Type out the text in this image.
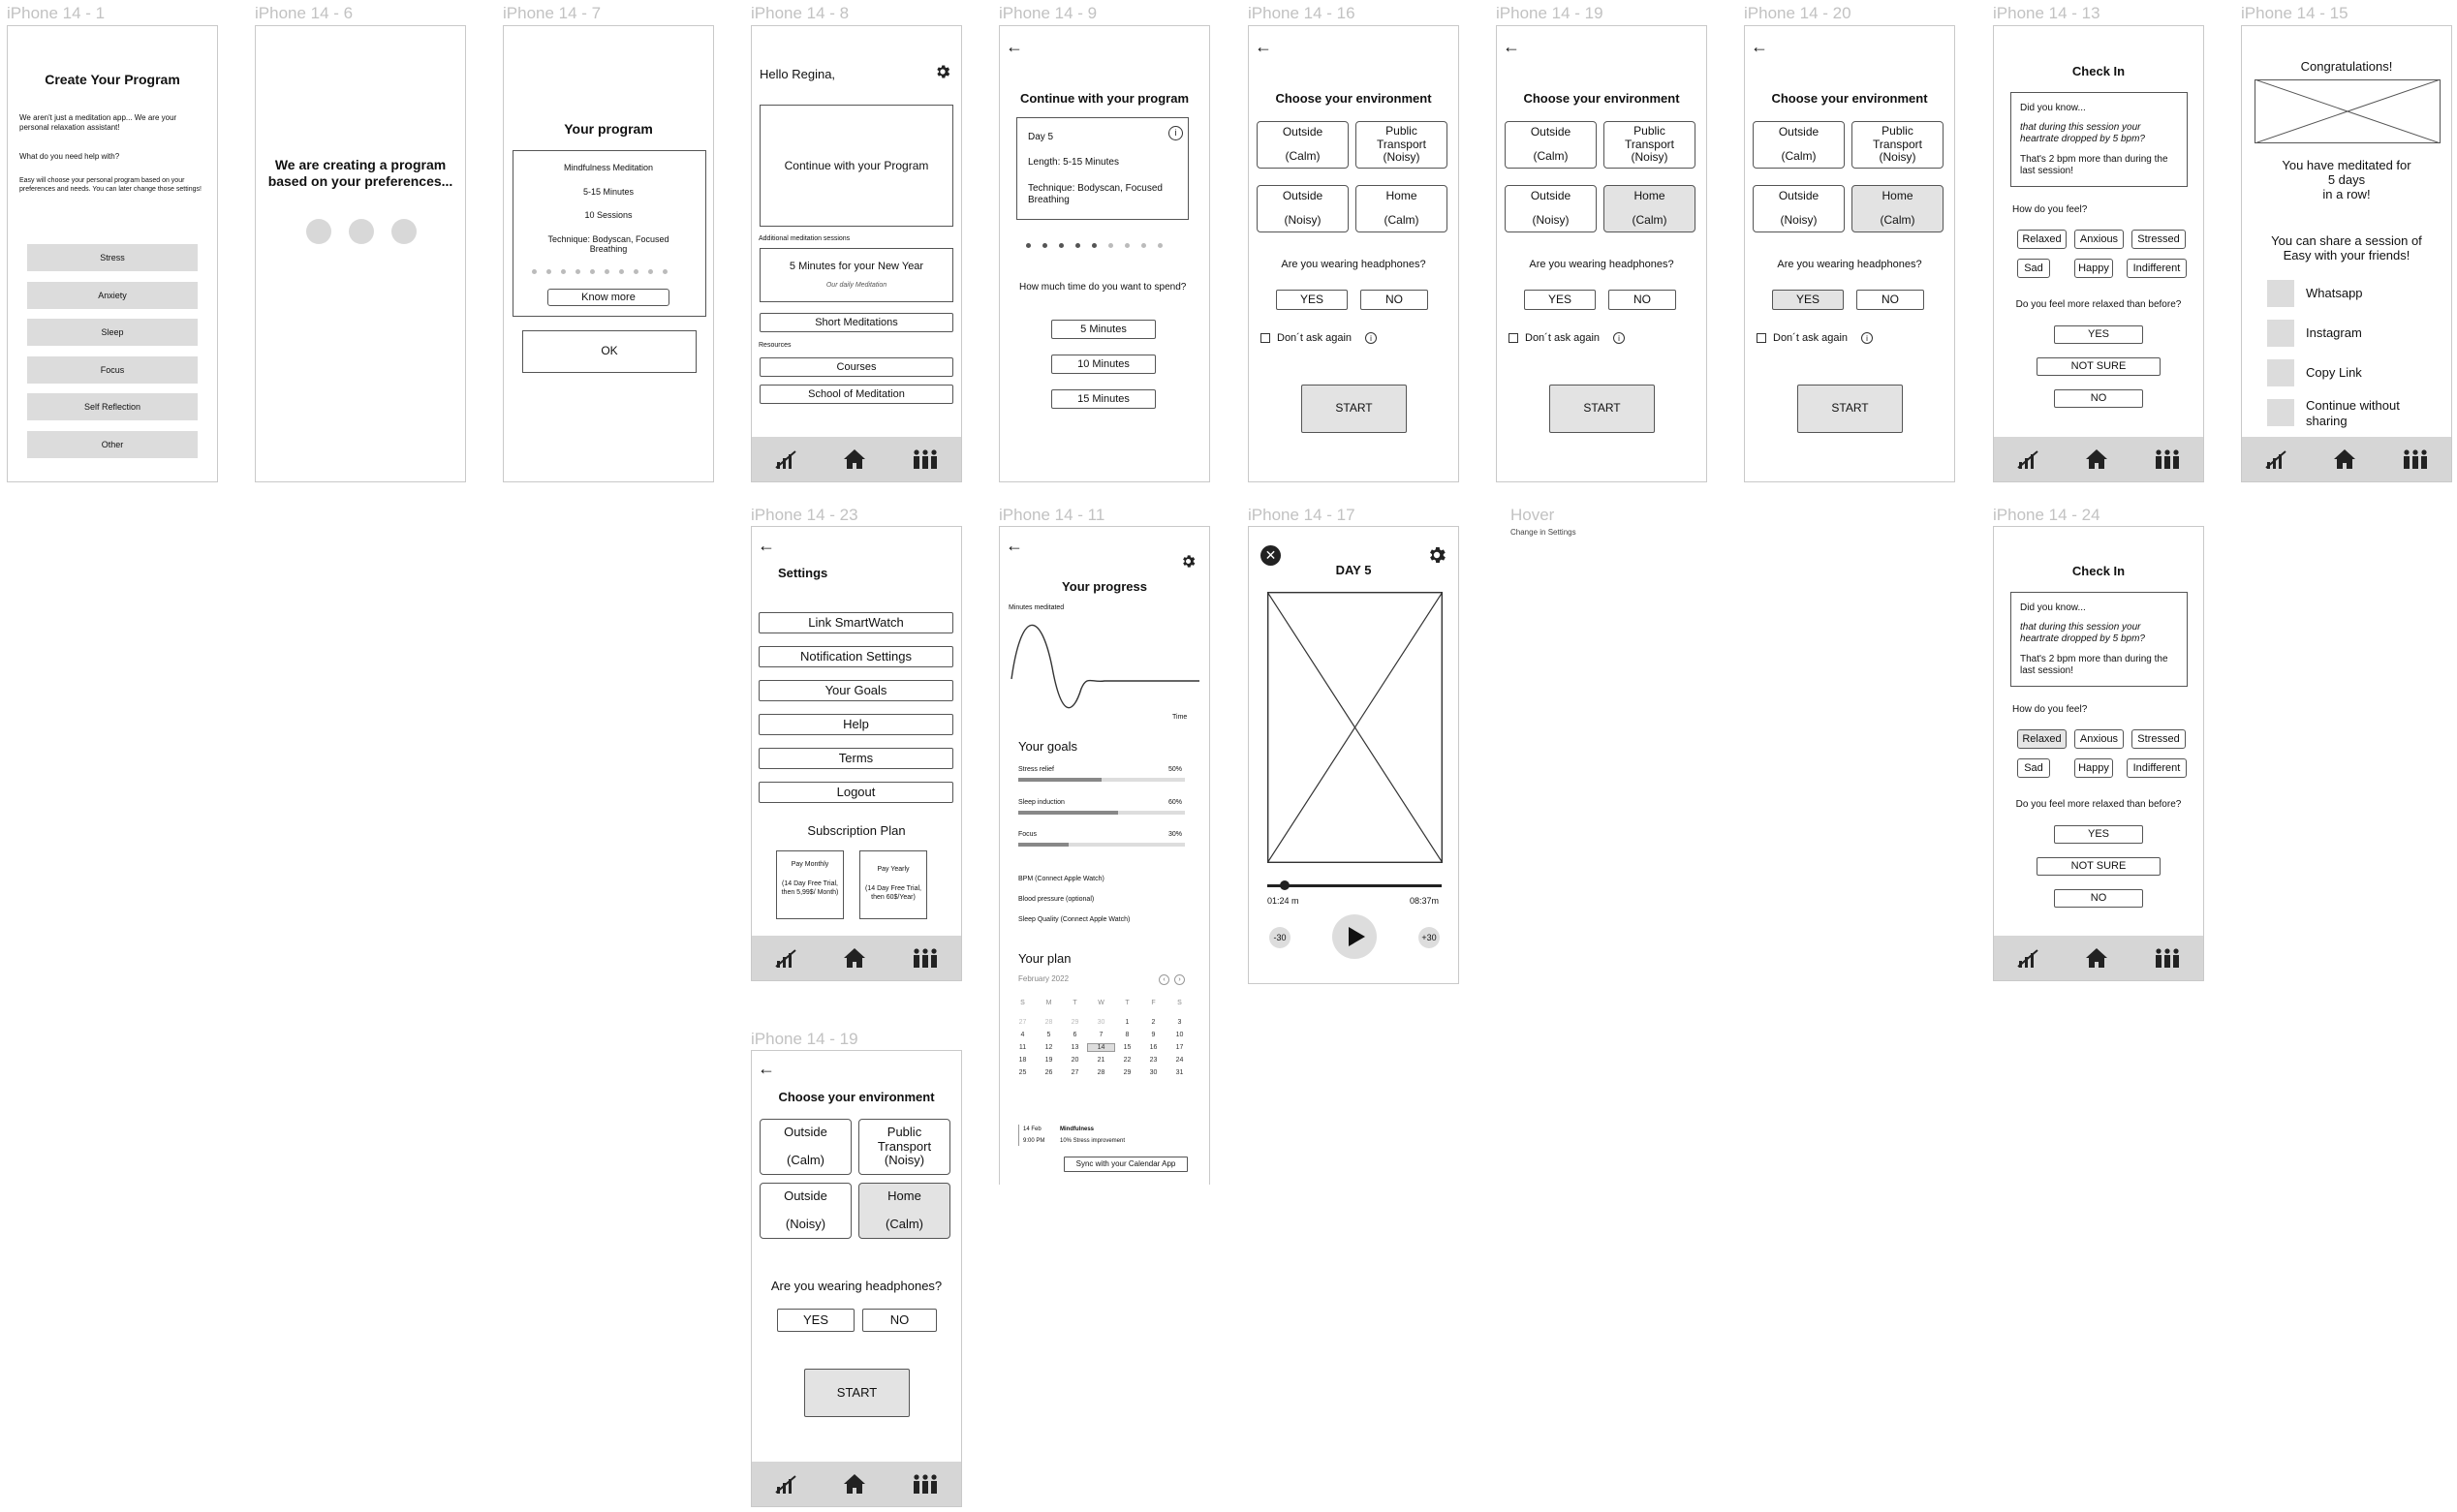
iPhone 14 - 1
Create Your Program
We aren't just a meditation app... We are your personal relaxation assistant!
What do you need help with?
Easy will choose your personal program based on your preferences and needs. You can later change those settings!
Stress
Anxiety
Sleep
Focus
Self Reflection
Other
iPhone 14 - 6
We are creating a program based on your preferences...
iPhone 14 - 7
Your program
Mindfulness Meditation
5-15 Minutes
10 Sessions
Technique: Bodyscan, Focused Breathing
Know more
OK
iPhone 14 - 8
Hello Regina,
Continue with your Program
Additional meditation sessions
5 Minutes for your New Year
Our daily Meditation
Short Meditations
Resources
Courses
School of Meditation
iPhone 14 - 9
←
Continue with your program
Day 5	i
Length: 5-15 Minutes
Technique: Bodyscan, Focused Breathing
How much time do you want to spend?
5 Minutes
10 Minutes
15 Minutes
iPhone 14 - 16
←
Choose your environment
Outside
(Calm)
Public
Transport
(Noisy)
Outside
(Noisy)
Home
(Calm)
Are you wearing headphones?
YES	NO
Don´t ask again	i
START
iPhone 14 - 19
←
Choose your environment
Outside
(Calm)
Public
Transport
(Noisy)
Outside
(Noisy)
Home
(Calm)
Are you wearing headphones?
YES	NO
Don´t ask again	i
START
iPhone 14 - 20
←
Choose your environment
Outside
(Calm)
Public
Transport
(Noisy)
Outside
(Noisy)
Home
(Calm)
Are you wearing headphones?
YES	NO
Don´t ask again	i
START
iPhone 14 - 13
Check In
Did you know...
that during this session your heartrate dropped by 5 bpm?
That's 2 bpm more than during the last session!
How do you feel?
Relaxed	Anxious	Stressed
Sad	Happy	Indifferent
Do you feel more relaxed than before?
YES
NOT SURE
NO
iPhone 14 - 15
Congratulations!
You have meditated for
5 days
in a row!
You can share a session of Easy with your friends!
Whatsapp
Instagram
Copy Link
Continue without sharing
iPhone 14 - 23
←
Settings
Link SmartWatch
Notification Settings
Your Goals
Help
Terms
Logout
Subscription Plan
Pay Monthly
(14 Day Free Trial, then 5,99$/ Month)
Pay Yearly
(14 Day Free Trial, then 60$/Year)
iPhone 14 - 11
←
Your progress
Minutes meditated
Time
Your goals
Stress relief	50%
Sleep induction	60%
Focus	30%
BPM (Connect Apple Watch)
Blood pressure (optional)
Sleep Quality (Connect Apple Watch)
Your plan
February 2022	‹	›
S	M	T	W	T	F	S
27	28	29	30	1	2	3
4	5	6	7	8	9	10
11	12	13	14	15	16	17
18	19	20	21	22	23	24
25	26	27	28	29	30	31
14 Feb
9:00 PM
Mindfulness
10% Stress improvement
Sync with your Calendar App
iPhone 14 - 17
✕
DAY 5
01:24 m	08:37m
-30	+30
Hover
Change in Settings
iPhone 14 - 24
Check In
Did you know...
that during this session your heartrate dropped by 5 bpm?
That's 2 bpm more than during the last session!
How do you feel?
Relaxed	Anxious	Stressed
Sad	Happy	Indifferent
Do you feel more relaxed than before?
YES
NOT SURE
NO
iPhone 14 - 19
←
Choose your environment
Outside
(Calm)
Public
Transport
(Noisy)
Outside
(Noisy)
Home
(Calm)
Are you wearing headphones?
YES	NO
START
